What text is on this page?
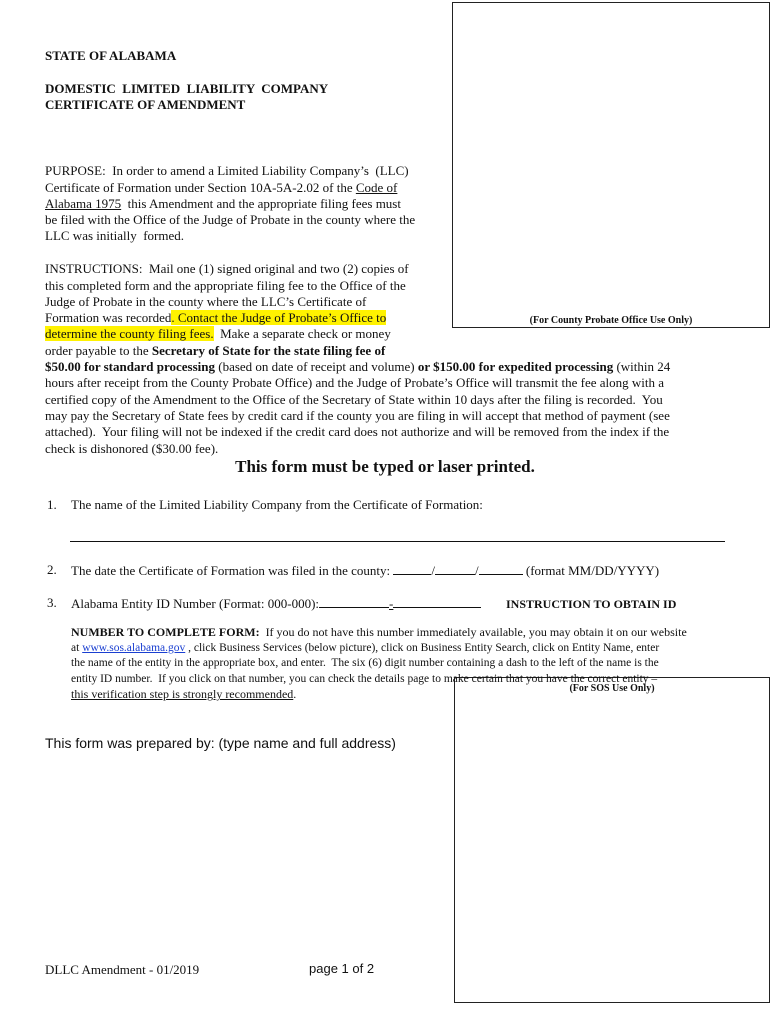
(For County Probate Office Use Only)
(For SOS Use Only)
STATE OF ALABAMA
DOMESTIC  LIMITED  LIABILITY  COMPANY
CERTIFICATE OF AMENDMENT

PURPOSE:  In order to amend a Limited Liability Company’s  (LLC)
Certificate of Formation under Section 10A-5A-2.02 of the Code of
Alabama 1975  this Amendment and the appropriate filing fees must
be filed with the Office of the Judge of Probate in the county where the
LLC was initially  formed.

INSTRUCTIONS:  Mail one (1) signed original and two (2) copies of
this completed form and the appropriate filing fee to the Office of the
Judge of Probate in the county where the LLC’s Certificate of
Formation was recorded. Contact the Judge of Probate’s Office to
determine the county filing fees.  Make a separate check or money
order payable to the Secretary of State for the state filing fee of
$50.00 for standard processing (based on date of receipt and volume) or $150.00 for expedited processing (within 24
hours after receipt from the County Probate Office) and the Judge of Probate’s Office will transmit the fee along with a
certified copy of the Amendment to the Office of the Secretary of State within 10 days after the filing is recorded.  You
may pay the Secretary of State fees by credit card if the county you are filing in will accept that method of payment (see
attached).  Your filing will not be indexed if the credit card does not authorize and will be removed from the index if the
check is dishonored ($30.00 fee).
This form must be typed or laser printed.
1. The name of the Limited Liability Company from the Certificate of Formation:
2. The date the Certificate of Formation was filed in the county:	/	/	(format MM/DD/YYYY)
3. Alabama Entity ID Number (Format: 000-000):	-	INSTRUCTION TO OBTAIN ID

NUMBER TO COMPLETE FORM:  If you do not have this number immediately available, you may obtain it on our website
at www.sos.alabama.gov , click Business Services (below picture), click on Business Entity Search, click on Entity Name, enter
the name of the entity in the appropriate box, and enter.  The six (6) digit number containing a dash to the left of the name is the
entity ID number.  If you click on that number, you can check the details page to make certain that you have the correct entity –
this verification step is strongly recommended.
This form was prepared by: (type name and full address)
DLLC Amendment - 01/2019	page 1 of 2
